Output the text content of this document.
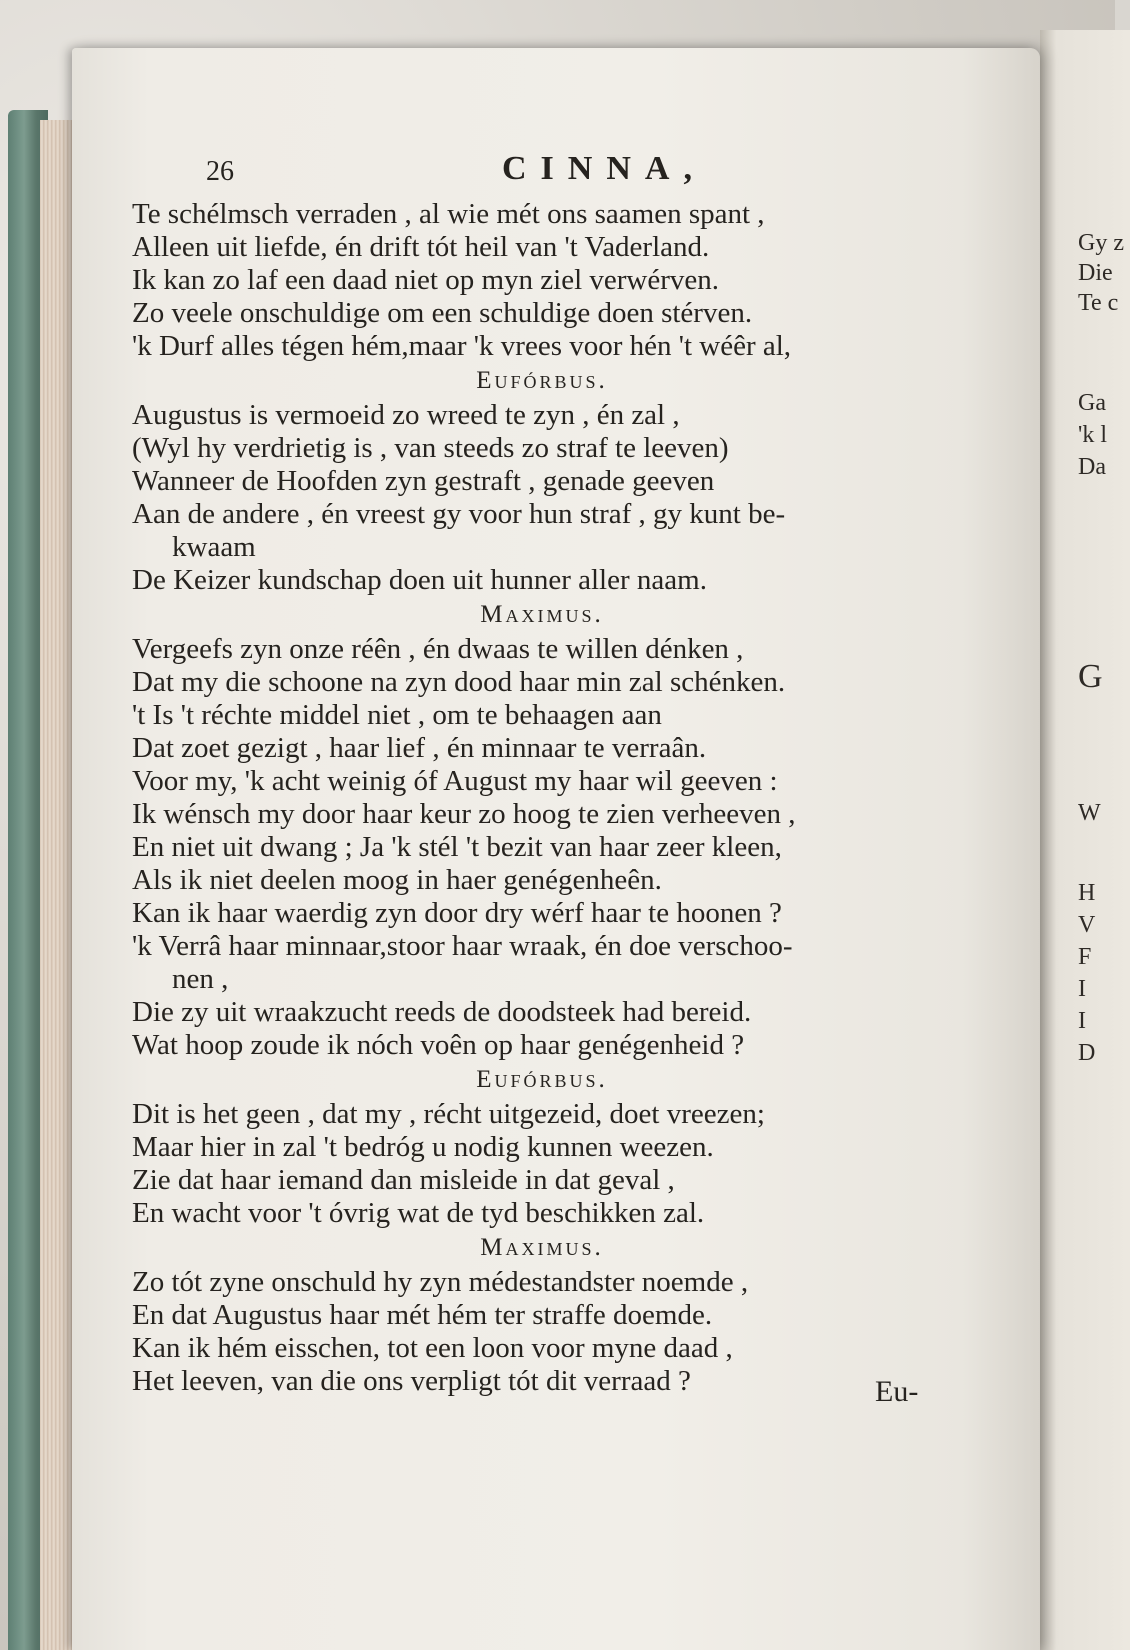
Gy z
Die
Te c
Ga
'k l
Da
G
W
H
V
F
I
I
D
26	CINNA,
Te schélmsch verraden , al wie mét ons saamen spant ,
Alleen uit liefde, én drift tót heil van 't Vaderland.
Ik kan zo laf een daad niet op myn ziel verwérven.
Zo veele onschuldige om een schuldige doen stérven.
'k Durf alles tégen hém,maar 'k vrees voor hén 't wéêr al,
Eufórbus.
Augustus is vermoeid zo wreed te zyn , én zal ,
(Wyl hy verdrietig is , van steeds zo straf te leeven)
Wanneer de Hoofden zyn gestraft , genade geeven
Aan de andere , én vreest gy voor hun straf , gy kunt be-
kwaam
De Keizer kundschap doen uit hunner aller naam.
Maximus.
Vergeefs zyn onze réên , én dwaas te willen dénken ,
Dat my die schoone na zyn dood haar min zal schénken.
't Is 't réchte middel niet , om te behaagen aan
Dat zoet gezigt , haar lief , én minnaar te verraân.
Voor my, 'k acht weinig óf August my haar wil geeven :
Ik wénsch my door haar keur zo hoog te zien verheeven ,
En niet uit dwang ; Ja 'k stél 't bezit van haar zeer kleen,
Als ik niet deelen moog in haer genégenheên.
Kan ik haar waerdig zyn door dry wérf haar te hoonen ?
'k Verrâ haar minnaar,stoor haar wraak, én doe verschoo-
nen ,
Die zy uit wraakzucht reeds de doodsteek had bereid.
Wat hoop zoude ik nóch voên op haar genégenheid ?
Eufórbus.
Dit is het geen , dat my , récht uitgezeid, doet vreezen;
Maar hier in zal 't bedróg u nodig kunnen weezen.
Zie dat haar iemand dan misleide in dat geval ,
En wacht voor 't óvrig wat de tyd beschikken zal.
Maximus.
Zo tót zyne onschuld hy zyn médestandster noemde ,
En dat Augustus haar mét hém ter straffe doemde.
Kan ik hém eisschen, tot een loon voor myne daad ,
Het leeven, van die ons verpligt tót dit verraad ?	Eu-
